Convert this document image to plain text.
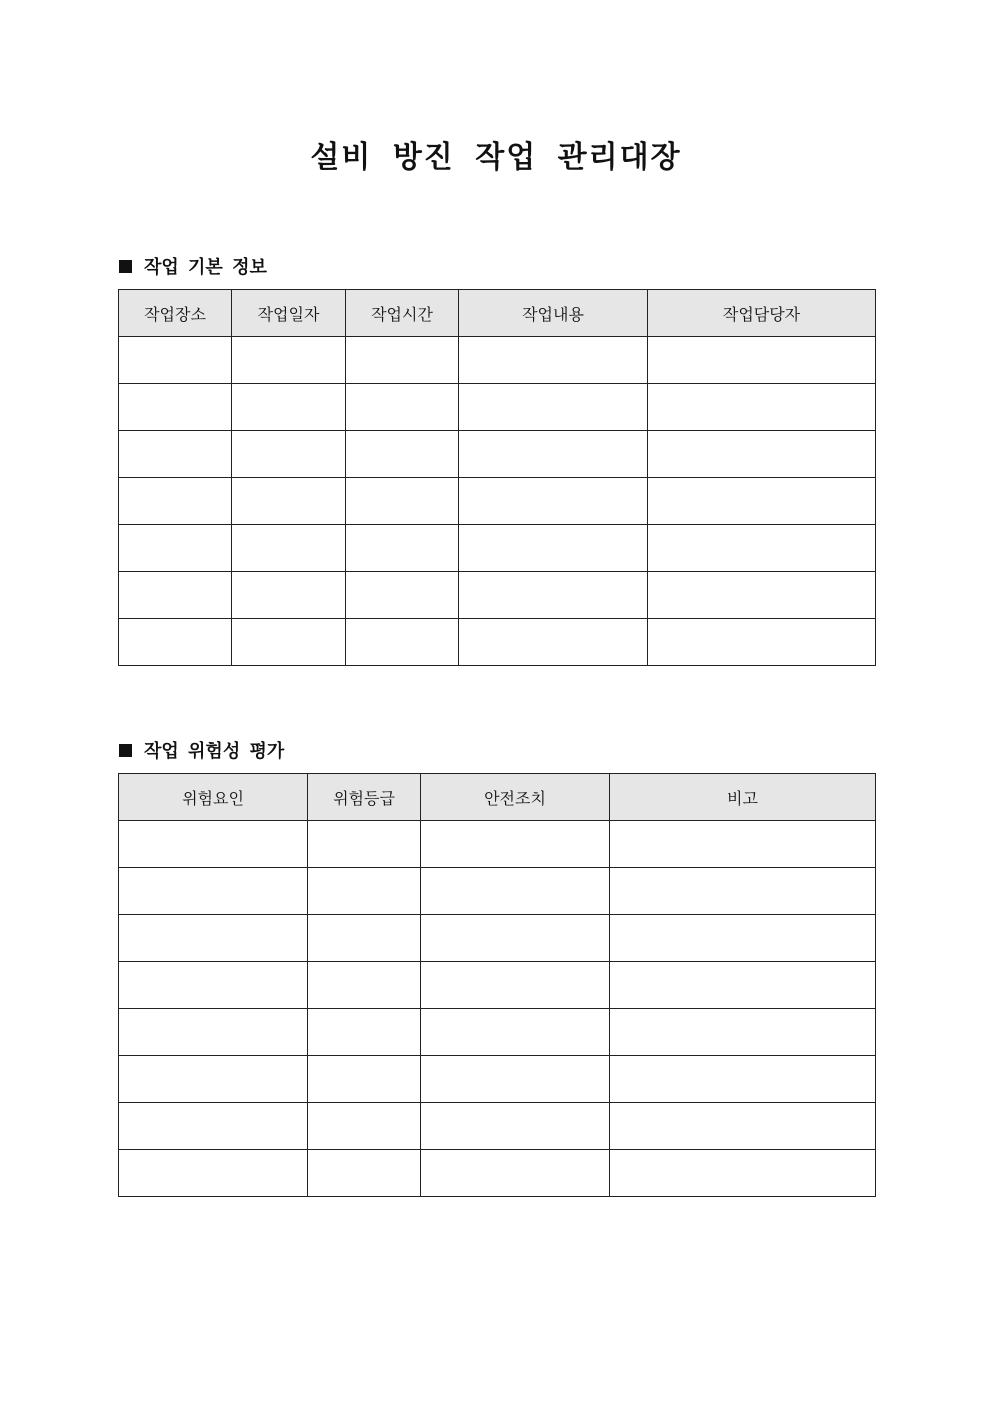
설비 방진 작업 관리대장
작업 기본 정보
작업장소	작업일자	작업시간	작업내용	작업담당자

작업 위험성 평가
위험요인	위험등급	안전조치	비고
